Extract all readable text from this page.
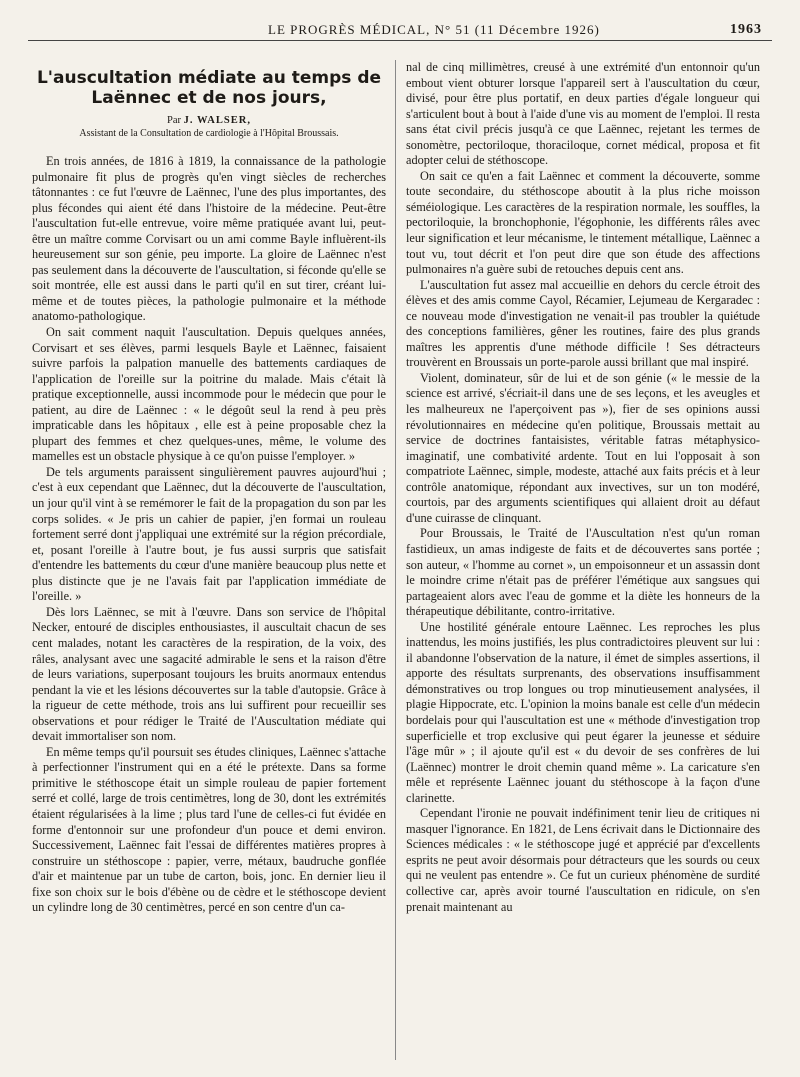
LE PROGRÈS MÉDICAL, N° 51 (11 Décembre 1926)	1963
L'auscultation médiate au temps de Laënnec et de nos jours,
Par J. WALSER,
Assistant de la Consultation de cardiologie à l'Hôpital Broussais.

En trois années, de 1816 à 1819, la connaissance de la pathologie pulmonaire fit plus de progrès qu'en vingt siècles de recherches tâtonnantes : ce fut l'œuvre de Laënnec, l'une des plus importantes, des plus fécondes qui aient été dans l'histoire de la médecine. Peut-être l'auscultation fut-elle entrevue, voire même pratiquée avant lui, peut-être un maître comme Corvisart ou un ami comme Bayle influèrent-ils heureusement sur son génie, peu importe. La gloire de Laënnec n'est pas seulement dans la découverte de l'auscultation, si féconde qu'elle se soit montrée, elle est aussi dans le parti qu'il en sut tirer, créant lui-même et de toutes pièces, la pathologie pulmonaire et la méthode anatomo-pathologique.

On sait comment naquit l'auscultation. Depuis quelques années, Corvisart et ses élèves, parmi lesquels Bayle et Laënnec, faisaient suivre parfois la palpation manuelle des battements cardiaques de l'application de l'oreille sur la poitrine du malade. Mais c'était là pratique exceptionnelle, aussi incommode pour le médecin que pour le patient, au dire de Laënnec : « le dégoût seul la rend à peu près impraticable dans les hôpitaux , elle est à peine proposable chez la plupart des femmes et chez quelques-unes, même, le volume des mamelles est un obstacle physique à ce qu'on puisse l'employer. »

De tels arguments paraissent singulièrement pauvres aujourd'hui ; c'est à eux cependant que Laënnec, dut la découverte de l'auscultation, un jour qu'il vint à se remémorer le fait de la propagation du son par les corps solides. « Je pris un cahier de papier, j'en formai un rouleau fortement serré dont j'appliquai une extrémité sur la région précordiale, et, posant l'oreille à l'autre bout, je fus aussi surpris que satisfait d'entendre les battements du cœur d'une manière beaucoup plus nette et plus distincte que je ne l'avais fait par l'application immédiate de l'oreille. »

Dès lors Laënnec, se mit à l'œuvre. Dans son service de l'hôpital Necker, entouré de disciples enthousiastes, il auscultait chacun de ses cent malades, notant les caractères de la respiration, de la voix, des râles, analysant avec une sagacité admirable le sens et la raison d'être de leurs variations, superposant toujours les bruits anormaux entendus pendant la vie et les lésions découvertes sur la table d'autopsie. Grâce à la rigueur de cette méthode, trois ans lui suffirent pour recueillir ses observations et pour rédiger le Traité de l'Auscultation médiate qui devait immortaliser son nom.

En même temps qu'il poursuit ses études cliniques, Laënnec s'attache à perfectionner l'instrument qui en a été le prétexte. Dans sa forme primitive le stéthoscope était un simple rouleau de papier fortement serré et collé, large de trois centimètres, long de 30, dont les extrémités étaient régularisées à la lime ; plus tard l'une de celles-ci fut évidée en forme d'entonnoir sur une profondeur d'un pouce et demi environ. Successivement, Laënnec fait l'essai de différentes matières propres à construire un stéthoscope : papier, verre, métaux, baudruche gonflée d'air et maintenue par un tube de carton, bois, jonc. En dernier lieu il fixe son choix sur le bois d'ébène ou de cèdre et le stéthoscope devient un cylindre long de 30 centimètres, percé en son centre d'un ca-

nal de cinq millimètres, creusé à une extrémité d'un entonnoir qu'un embout vient obturer lorsque l'appareil sert à l'auscultation du cœur, divisé, pour être plus portatif, en deux parties d'égale longueur qui s'articulent bout à bout à l'aide d'une vis au moment de l'emploi. Il resta sans état civil précis jusqu'à ce que Laënnec, rejetant les termes de sonomètre, pectoriloque, thoraciloque, cornet médical, proposa et fit adopter celui de stéthoscope.

On sait ce qu'en a fait Laënnec et comment la découverte, somme toute secondaire, du stéthoscope aboutit à la plus riche moisson séméiologique. Les caractères de la respiration normale, les souffles, la pectoriloquie, la bronchophonie, l'égophonie, les différents râles avec leur signification et leur mécanisme, le tintement métallique, Laënnec a tout vu, tout décrit et l'on peut dire que son étude des affections pulmonaires n'a guère subi de retouches depuis cent ans.

L'auscultation fut assez mal accueillie en dehors du cercle étroit des élèves et des amis comme Cayol, Récamier, Lejumeau de Kergaradec : ce nouveau mode d'investigation ne venait-il pas troubler la quiétude des conceptions familières, gêner les routines, faire des plus grands maîtres les apprentis d'une méthode difficile ! Ses détracteurs trouvèrent en Broussais un porte-parole aussi brillant que mal inspiré.

Violent, dominateur, sûr de lui et de son génie (« le messie de la science est arrivé, s'écriait-il dans une de ses leçons, et les aveugles et les malheureux ne l'aperçoivent pas »), fier de ses opinions aussi révolutionnaires en médecine qu'en politique, Broussais mettait au service de doctrines fantaisistes, véritable fatras métaphysico-imaginatif, une combativité ardente. Tout en lui l'opposait à son compatriote Laënnec, simple, modeste, attaché aux faits précis et à leur contrôle anatomique, répondant aux invectives, sur un ton modéré, courtois, par des arguments scientifiques qui allaient droit au défaut d'une cuirasse de clinquant.

Pour Broussais, le Traité de l'Auscultation n'est qu'un roman fastidieux, un amas indigeste de faits et de découvertes sans portée ; son auteur, « l'homme au cornet », un empoisonneur et un assassin dont le moindre crime n'était pas de préférer l'émétique aux sangsues qui partageaient alors avec l'eau de gomme et la diète les honneurs de la thérapeutique débilitante, contro-irritative.

Une hostilité générale entoure Laënnec. Les reproches les plus inattendus, les moins justifiés, les plus contradictoires pleuvent sur lui : il abandonne l'observation de la nature, il émet de simples assertions, il apporte des résultats surprenants, des observations insuffisamment démonstratives ou trop longues ou trop minutieusement analysées, il plagie Hippocrate, etc. L'opinion la moins banale est celle d'un médecin bordelais pour qui l'auscultation est une « méthode d'investigation trop superficielle et trop exclusive qui peut égarer la jeunesse et séduire l'âge mûr » ; il ajoute qu'il est « du devoir de ses confrères de lui (Laënnec) montrer le droit chemin quand même ». La caricature s'en mêle et représente Laënnec jouant du stéthoscope à la façon d'une clarinette.

Cependant l'ironie ne pouvait indéfiniment tenir lieu de critiques ni masquer l'ignorance. En 1821, de Lens écrivait dans le Dictionnaire des Sciences médicales : « le stéthoscope jugé et apprécié par d'excellents esprits ne peut avoir désormais pour détracteurs que les sourds ou ceux qui ne veulent pas entendre ». Ce fut un curieux phénomène de surdité collective car, après avoir tourné l'auscultation en ridicule, on s'en prenait maintenant au
